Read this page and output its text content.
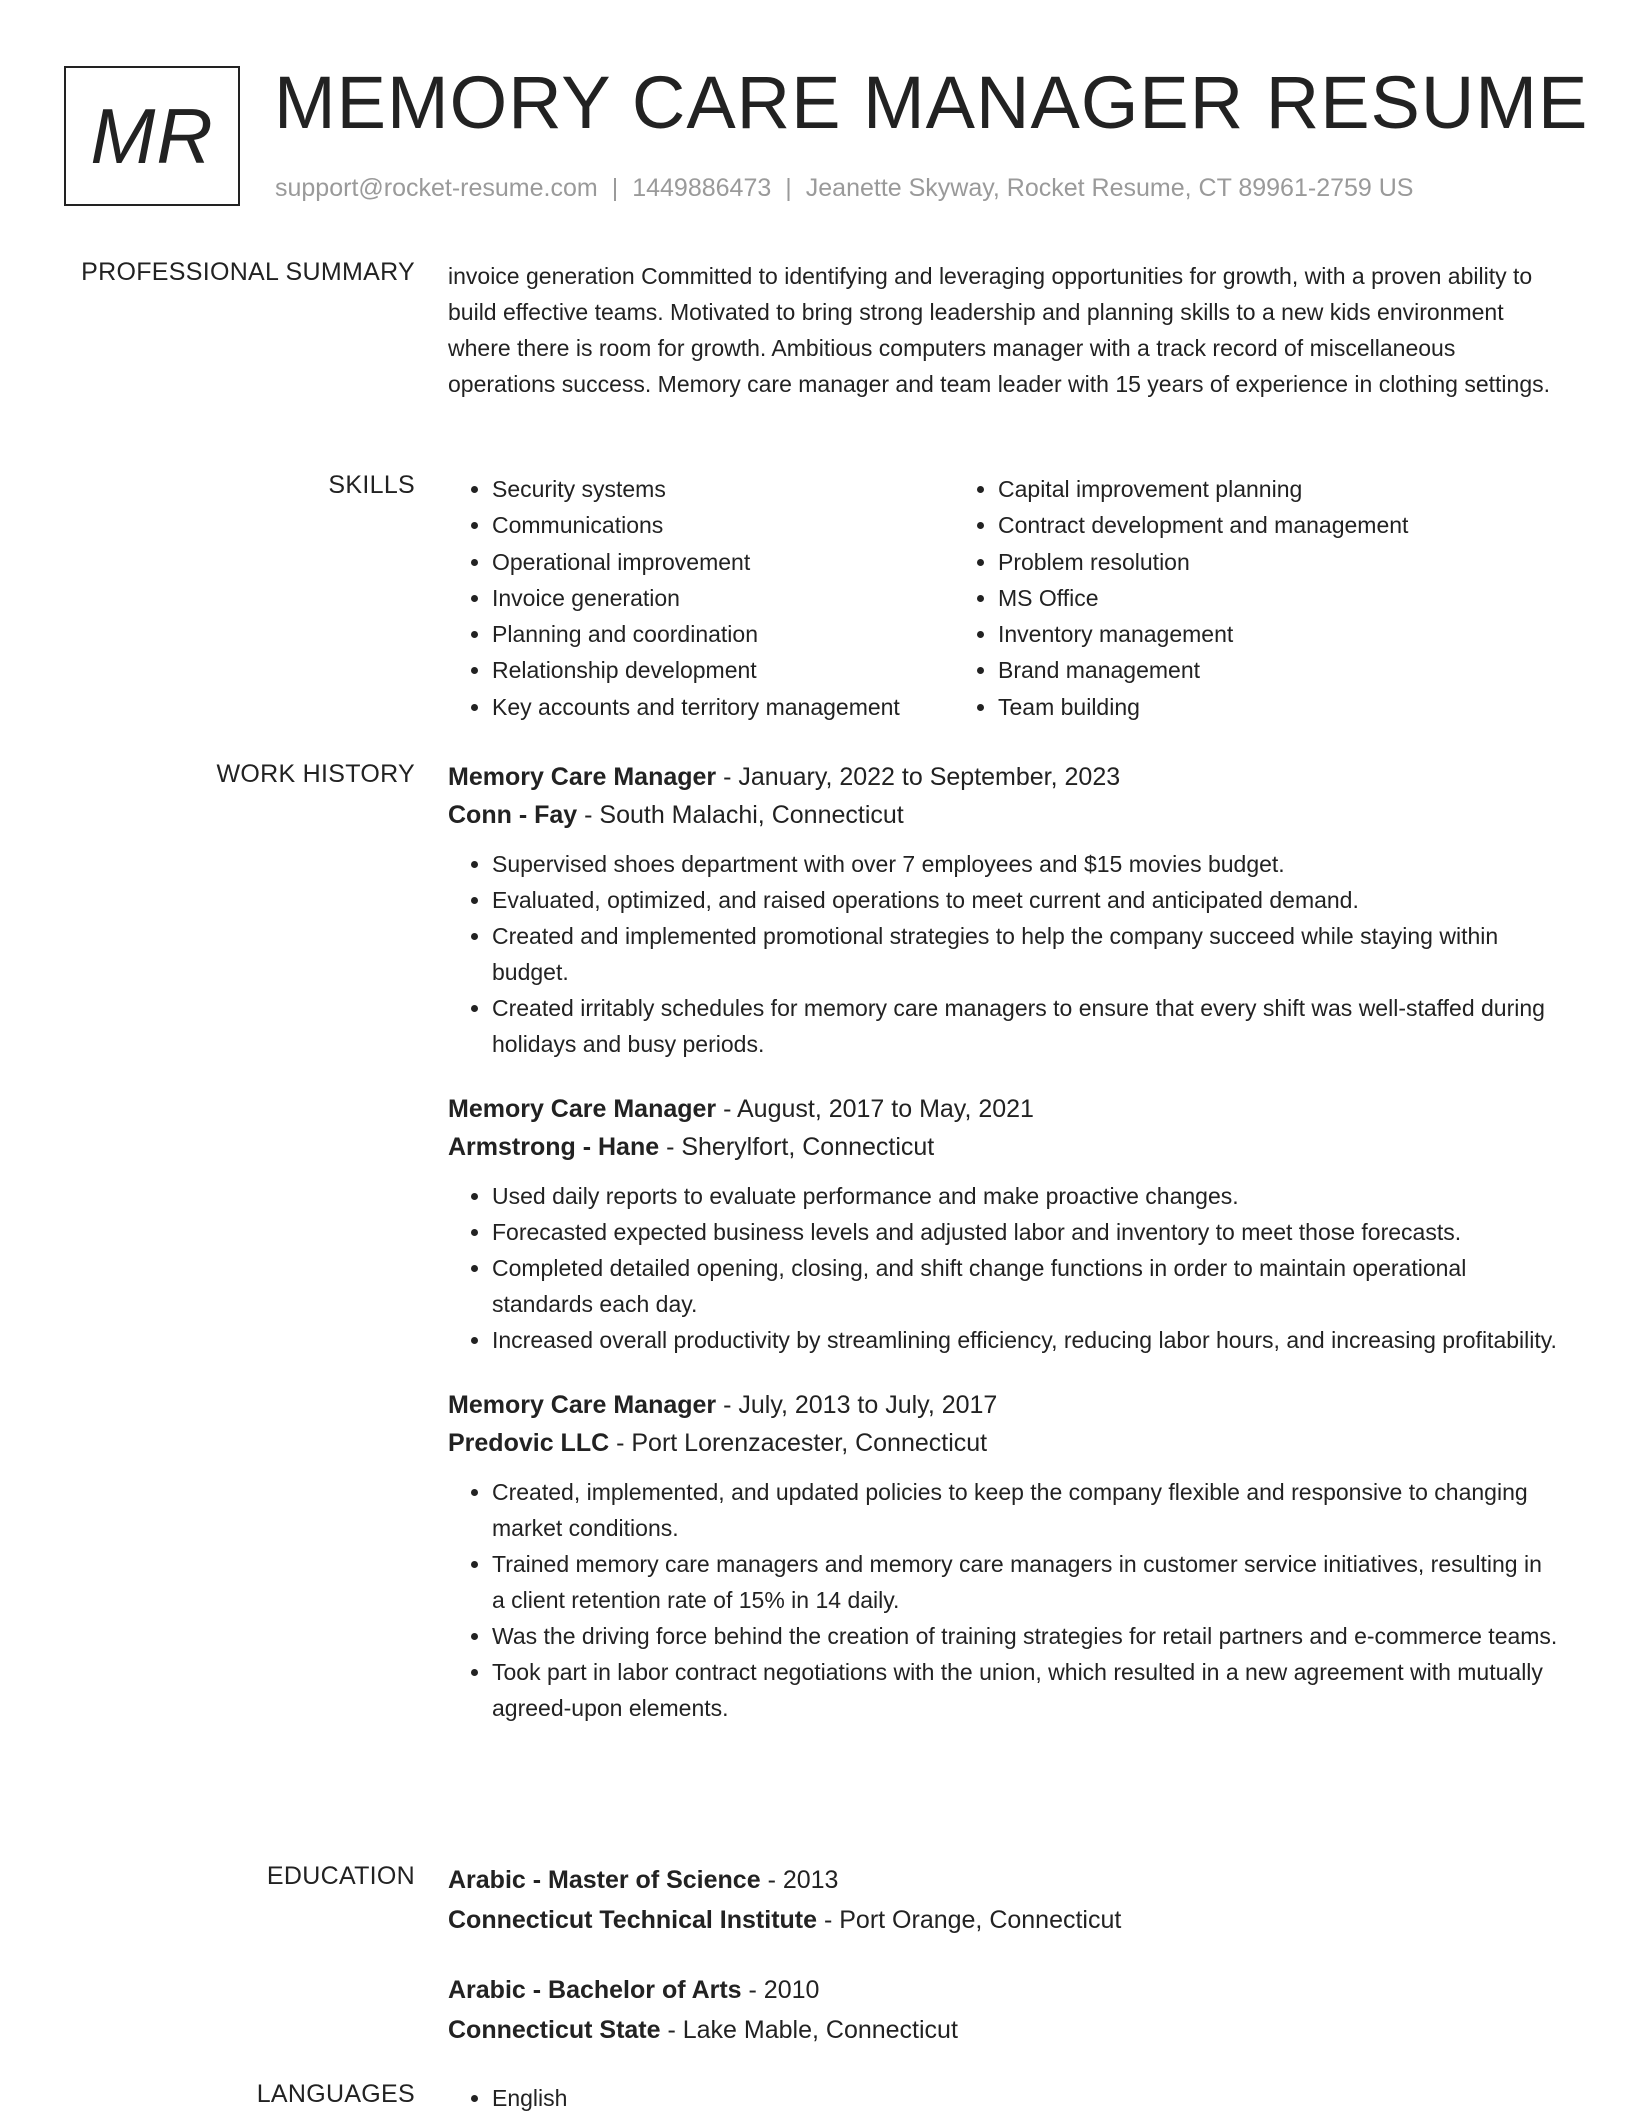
MR MEMORY CARE MANAGER RESUME
support@rocket-resume.com | 1449886473 | Jeanette Skyway, Rocket Resume, CT 89961-2759 US
PROFESSIONAL SUMMARY invoice generation Committed to identifying and leveraging opportunities for growth, with a proven ability to build effective teams. Motivated to bring strong leadership and planning skills to a new kids environment where there is room for growth. Ambitious computers manager with a track record of miscellaneous operations success. Memory care manager and team leader with 15 years of experience in clothing settings.

SKILLS	• Security systems
• Communications
• Operational improvement
• Invoice generation
• Planning and coordination
• Relationship development
• Key accounts and territory management
• Capital improvement planning
• Contract development and management
• Problem resolution
• MS Office
• Inventory management
• Brand management
• Team building
WORK HISTORY Memory Care Manager - January, 2022 to September, 2023
Conn - Fay - South Malachi, Connecticut
• Supervised shoes department with over 7 employees and $15 movies budget.
• Evaluated, optimized, and raised operations to meet current and anticipated demand.
• Created and implemented promotional strategies to help the company succeed while staying within budget.
• Created irritably schedules for memory care managers to ensure that every shift was well-staffed during holidays and busy periods.
Memory Care Manager - August, 2017 to May, 2021
Armstrong - Hane - Sherylfort, Connecticut
• Used daily reports to evaluate performance and make proactive changes.
• Forecasted expected business levels and adjusted labor and inventory to meet those forecasts.
• Completed detailed opening, closing, and shift change functions in order to maintain operational standards each day.
• Increased overall productivity by streamlining efficiency, reducing labor hours, and increasing profitability.
Memory Care Manager - July, 2013 to July, 2017
Predovic LLC - Port Lorenzacester, Connecticut
• Created, implemented, and updated policies to keep the company flexible and responsive to changing market conditions.
• Trained memory care managers and memory care managers in customer service initiatives, resulting in a client retention rate of 15% in 14 daily.
• Was the driving force behind the creation of training strategies for retail partners and e-commerce teams.
• Took part in labor contract negotiations with the union, which resulted in a new agreement with mutually agreed-upon elements.
EDUCATION Arabic - Master of Science - 2013
Connecticut Technical Institute - Port Orange, Connecticut
Arabic - Bachelor of Arts - 2010
Connecticut State - Lake Mable, Connecticut
LANGUAGES	• English
